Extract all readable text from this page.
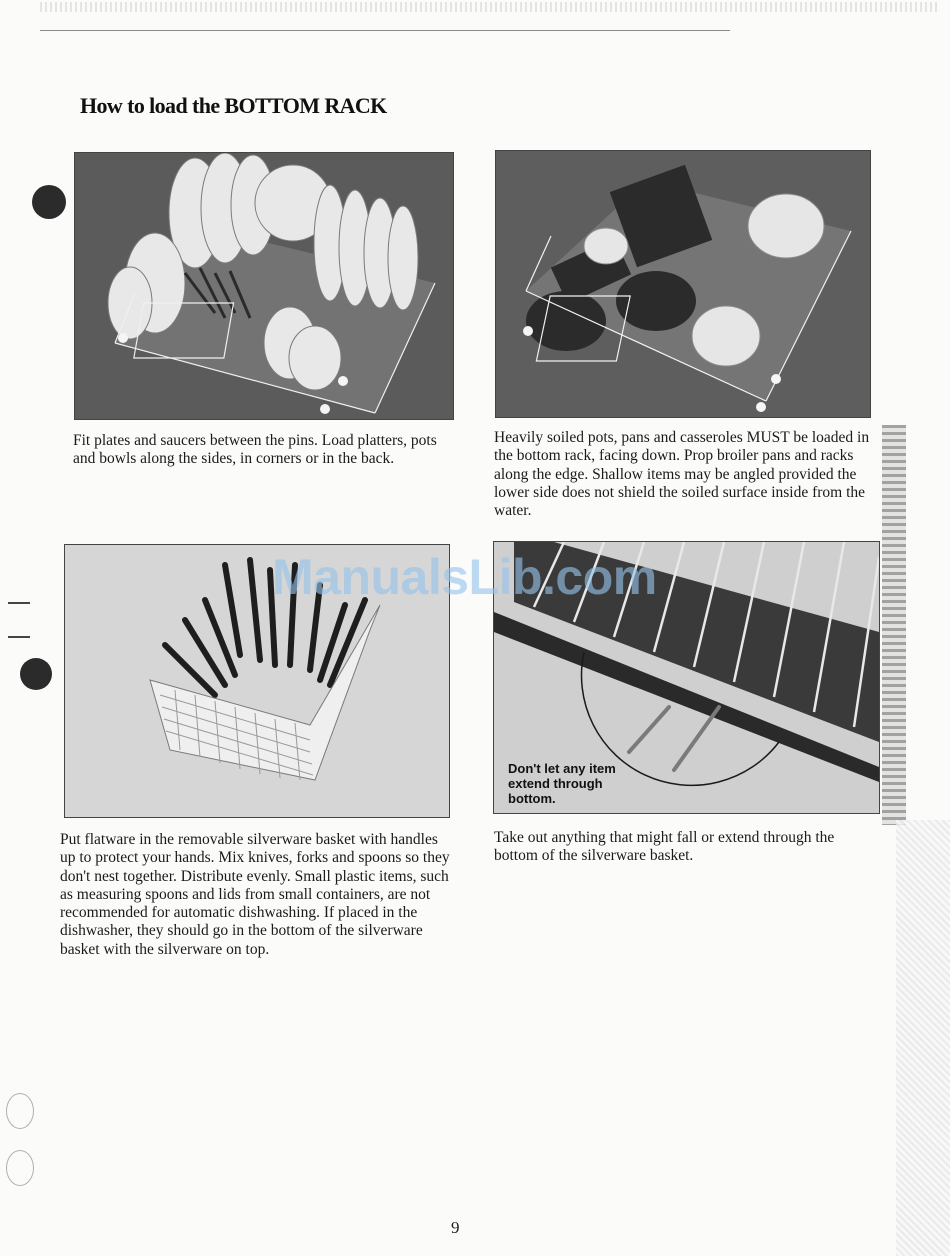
How to load the BOTTOM RACK

Don't let any item extend through bottom.

Fit plates and saucers between the pins. Load platters, pots and bowls along the sides, in corners or in the back.

Heavily soiled pots, pans and casseroles MUST be loaded in the bottom rack, facing down. Prop broiler pans and racks along the edge. Shallow items may be angled provided the lower side does not shield the soiled surface inside from the water.

Put flatware in the removable silverware basket with handles up to protect your hands. Mix knives, forks and spoons so they don't nest together. Distribute evenly. Small plastic items, such as measuring spoons and lids from small containers, are not recommended for automatic dishwashing. If placed in the dishwasher, they should go in the bottom of the silverware basket with the silverware on top.

Take out anything that might fall or extend through the bottom of the silverware basket.

ManualsLib.com

9
